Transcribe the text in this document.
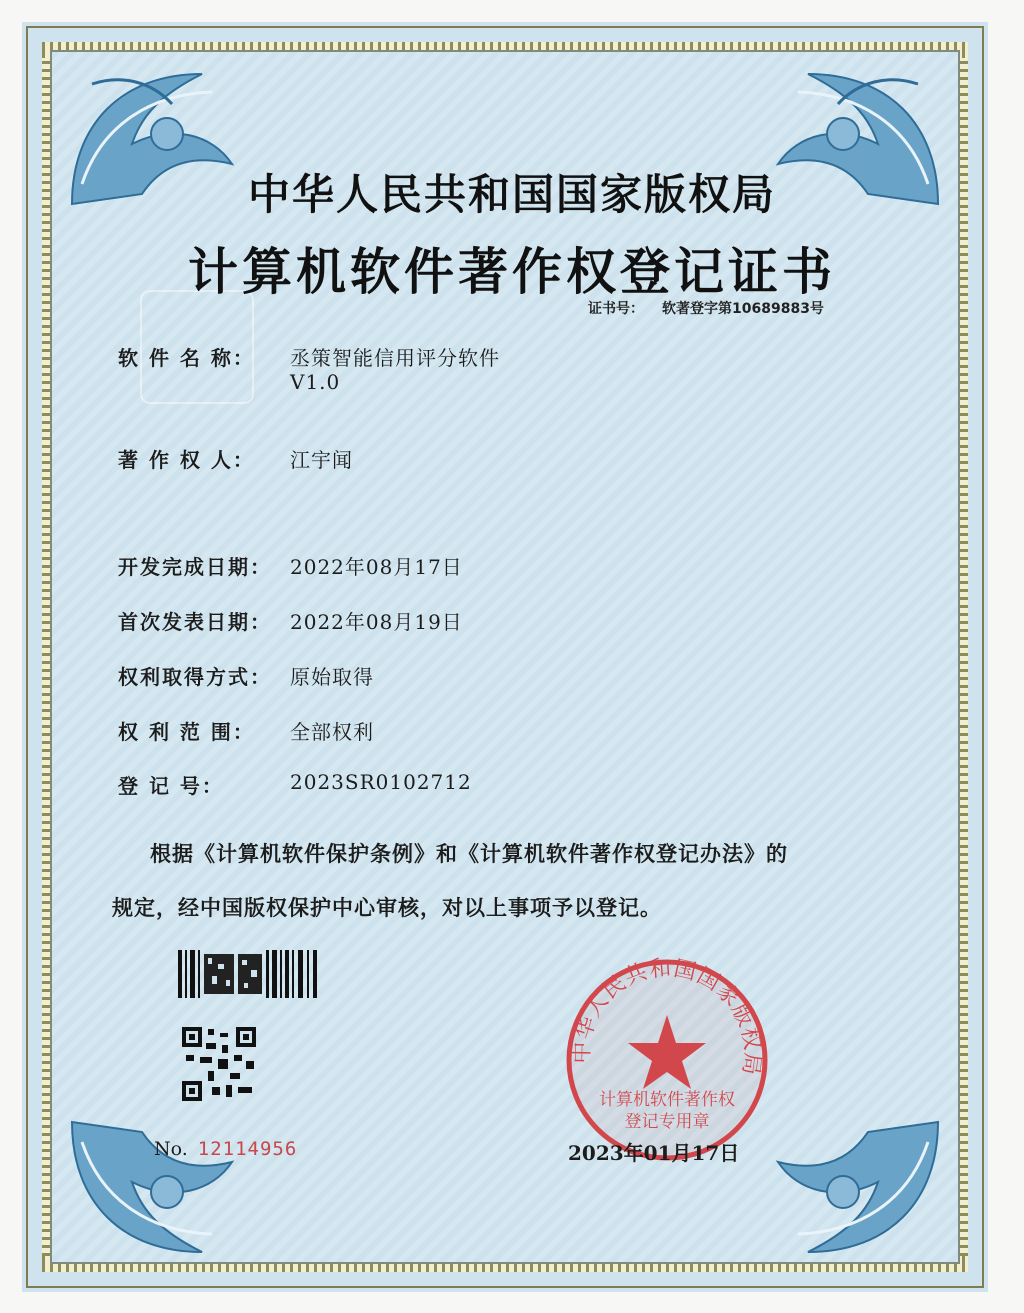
中华人民共和国国家版权局
计算机软件著作权登记证书
证书号： 软著登字第10689883号
软 件 名 称：	丞策智能信用评分软件
V1.0
著 作 权 人：	江宇闻
开发完成日期： 2022年08月17日
首次发表日期： 2022年08月19日
权利取得方式： 原始取得
权 利 范 围：	全部权利
登 记 号：	2023SR0102712
根据《计算机软件保护条例》和《计算机软件著作权登记办法》的
规定，经中国版权保护中心审核，对以上事项予以登记。
No. 12114956
中华人民共和国国家版权局
计算机软件著作权
登记专用章
2023年01月17日
